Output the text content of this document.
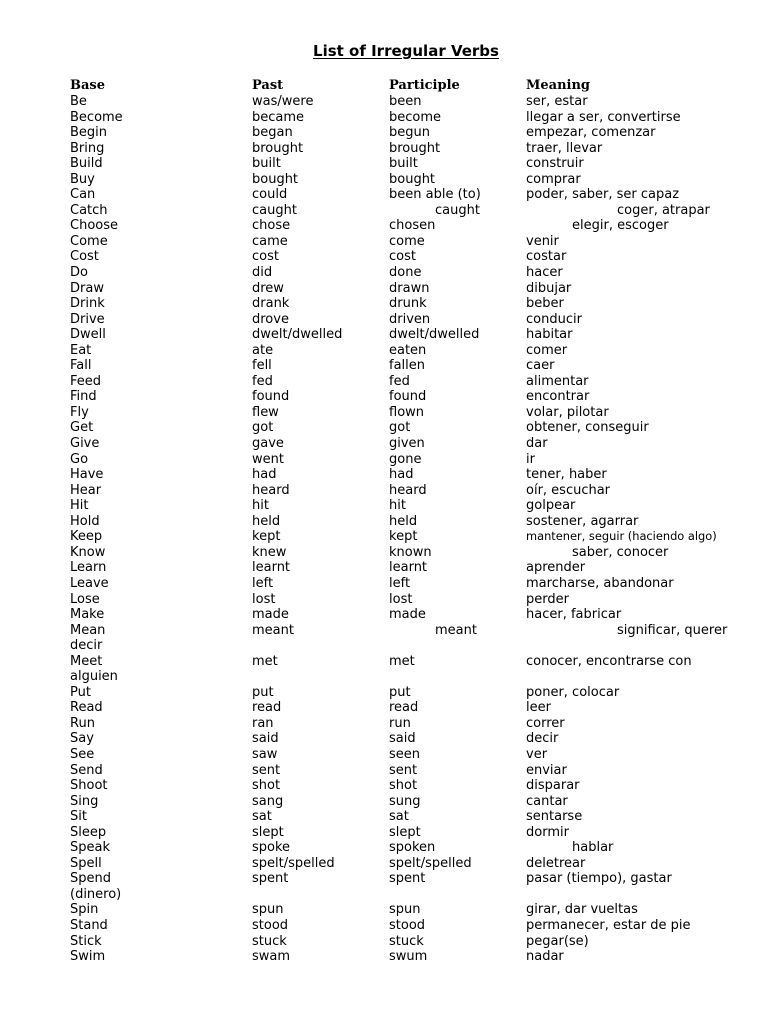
List of Irregular Verbs
Base	Past	Participle	Meaning
Be	was/were	been	ser, estar
Become	became	become	llegar a ser, convertirse
Begin	began	begun	empezar, comenzar
Bring	brought	brought	traer, llevar
Build	built	built	construir
Buy	bought	bought	comprar
Can	could	been able (to)	poder, saber, ser capaz
Catch	caught	caught	coger, atrapar
Choose	chose	chosen	elegir, escoger
Come	came	come	venir
Cost	cost	cost	costar
Do	did	done	hacer
Draw	drew	drawn	dibujar
Drink	drank	drunk	beber
Drive	drove	driven	conducir
Dwell	dwelt/dwelled	dwelt/dwelled	habitar
Eat	ate	eaten	comer
Fall	fell	fallen	caer
Feed	fed	fed	alimentar
Find	found	found	encontrar
Fly	flew	flown	volar, pilotar
Get	got	got	obtener, conseguir
Give	gave	given	dar
Go	went	gone	ir
Have	had	had	tener, haber
Hear	heard	heard	oír, escuchar
Hit	hit	hit	golpear
Hold	held	held	sostener, agarrar
Keep	kept	kept	mantener, seguir (haciendo algo)
Know	knew	known	saber, conocer
Learn	learnt	learnt	aprender
Leave	left	left	marcharse, abandonar
Lose	lost	lost	perder
Make	made	made	hacer, fabricar
Mean	meant	meant	significar, querer
decir
Meet	met	met	conocer, encontrarse con
alguien
Put	put	put	poner, colocar
Read	read	read	leer
Run	ran	run	correr
Say	said	said	decir
See	saw	seen	ver
Send	sent	sent	enviar
Shoot	shot	shot	disparar
Sing	sang	sung	cantar
Sit	sat	sat	sentarse
Sleep	slept	slept	dormir
Speak	spoke	spoken	hablar
Spell	spelt/spelled	spelt/spelled	deletrear
Spend	spent	spent	pasar (tiempo), gastar
(dinero)
Spin	spun	spun	girar, dar vueltas
Stand	stood	stood	permanecer, estar de pie
Stick	stuck	stuck	pegar(se)
Swim	swam	swum	nadar
